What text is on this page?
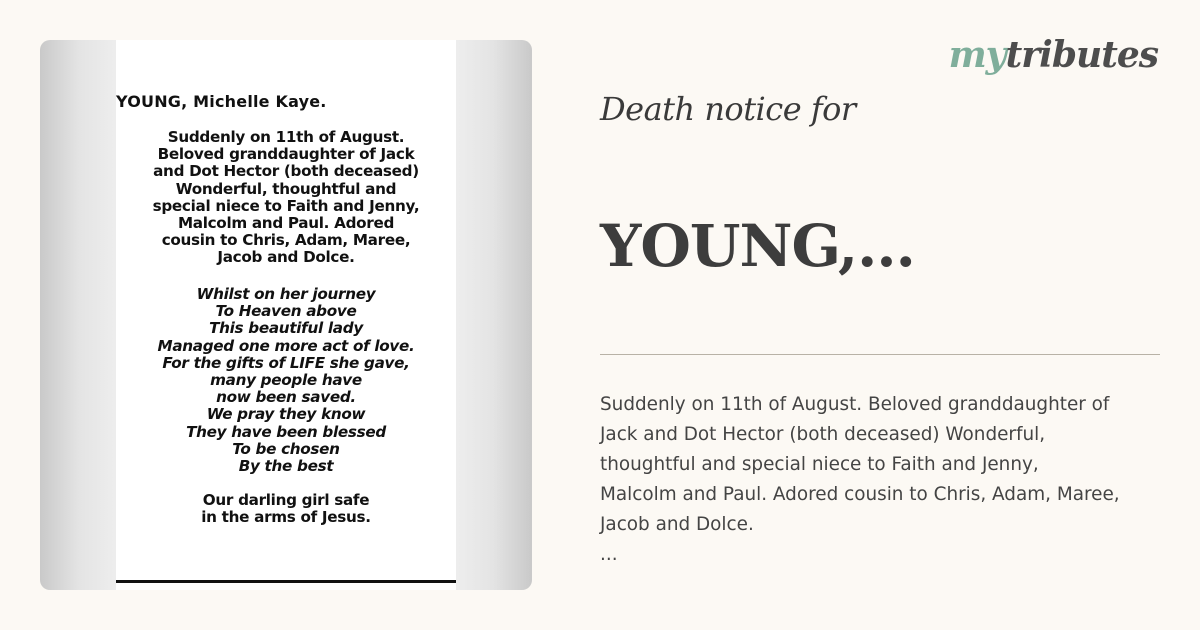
YOUNG, Michelle Kaye.
Suddenly on 11th of August.
Beloved granddaughter of Jack
and Dot Hector (both deceased)
Wonderful, thoughtful and
special niece to Faith and Jenny,
Malcolm and Paul. Adored
cousin to Chris, Adam, Maree,
Jacob and Dolce.
Whilst on her journey
To Heaven above
This beautiful lady
Managed one more act of love.
For the gifts of LIFE she gave,
many people have
now been saved.
We pray they know
They have been blessed
To be chosen
By the best
Our darling girl safe
in the arms of Jesus.
mytributes
Death notice for
YOUNG,...
Suddenly on 11th of August. Beloved granddaughter of
Jack and Dot Hector (both deceased) Wonderful,
thoughtful and special niece to Faith and Jenny,
Malcolm and Paul. Adored cousin to Chris, Adam, Maree,
Jacob and Dolce.
...
